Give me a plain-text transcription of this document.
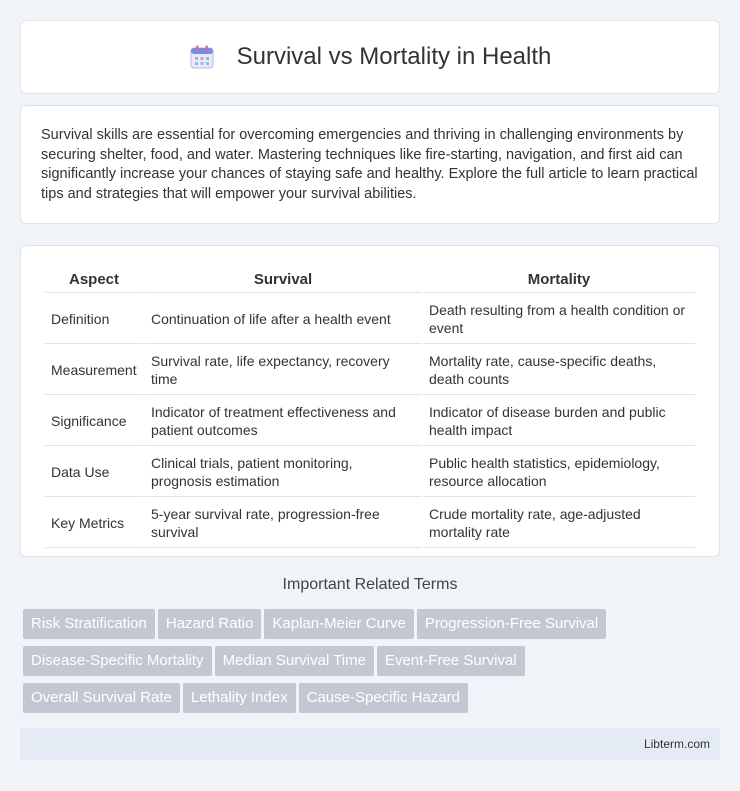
Survival vs Mortality in Health

Survival skills are essential for overcoming emergencies and thriving in challenging environments by securing shelter, food, and water. Mastering techniques like fire-starting, navigation, and first aid can significantly increase your chances of staying safe and healthy. Explore the full article to learn practical tips and strategies that will empower your survival abilities.

Aspect	Survival	Mortality
Definition	Continuation of life after a health event	Death resulting from a health condition or event
Measurement	Survival rate, life expectancy, recovery time	Mortality rate, cause-specific deaths, death counts
Significance	Indicator of treatment effectiveness and patient outcomes	Indicator of disease burden and public health impact
Data Use	Clinical trials, patient monitoring, prognosis estimation	Public health statistics, epidemiology, resource allocation
Key Metrics	5-year survival rate, progression-free survival	Crude mortality rate, age-adjusted mortality rate
Important Related Terms
Risk Stratification	Hazard Ratio	Kaplan-Meier Curve	Progression-Free Survival
Disease-Specific Mortality	Median Survival Time	Event-Free Survival
Overall Survival Rate	Lethality Index	Cause-Specific Hazard
Libterm.com
